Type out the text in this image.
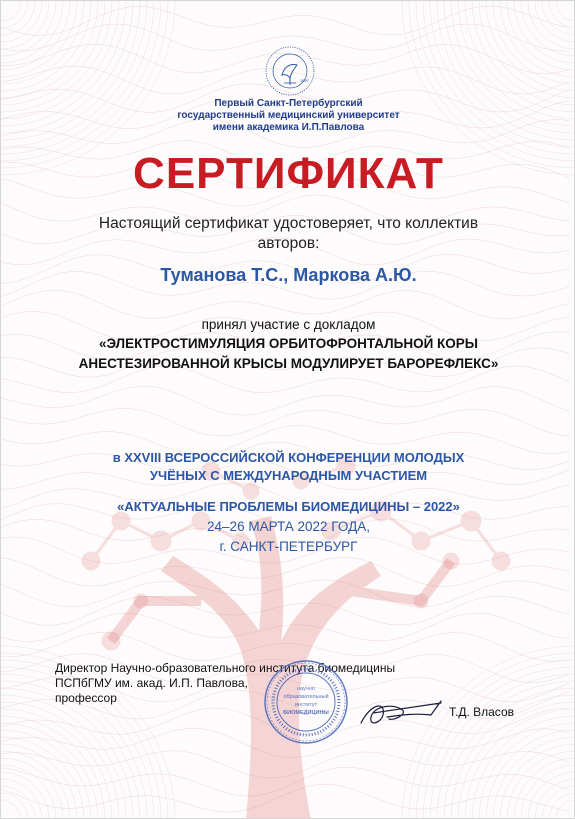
1897
Первый Санкт-Петербургский
государственный медицинский университет
имени академика И.П.Павлова
СЕРТИФИКАТ
Настоящий сертификат удостоверяет, что коллектив
авторов:
Туманова Т.С., Маркова А.Ю.
принял участие с докладом
«ЭЛЕКТРОСТИМУЛЯЦИЯ ОРБИТОФРОНТАЛЬНОЙ КОРЫ
АНЕСТЕЗИРОВАННОЙ КРЫСЫ МОДУЛИРУЕТ БАРОРЕФЛЕКС»
в XXVIII ВСЕРОССИЙСКОЙ КОНФЕРЕНЦИИ МОЛОДЫХ
УЧЁНЫХ С МЕЖДУНАРОДНЫМ УЧАСТИЕМ
«АКТУАЛЬНЫЕ ПРОБЛЕМЫ БИОМЕДИЦИНЫ – 2022»
24–26 МАРТА 2022 ГОДА,
г. САНКТ-ПЕТЕРБУРГ
Директор Научно-образовательного института биомедицины
ПСПбГМУ им. акад. И.П. Павлова,
профессор
научно
образовательный
институт
БИОМЕДИЦИНЫ	Т.Д. Власов
